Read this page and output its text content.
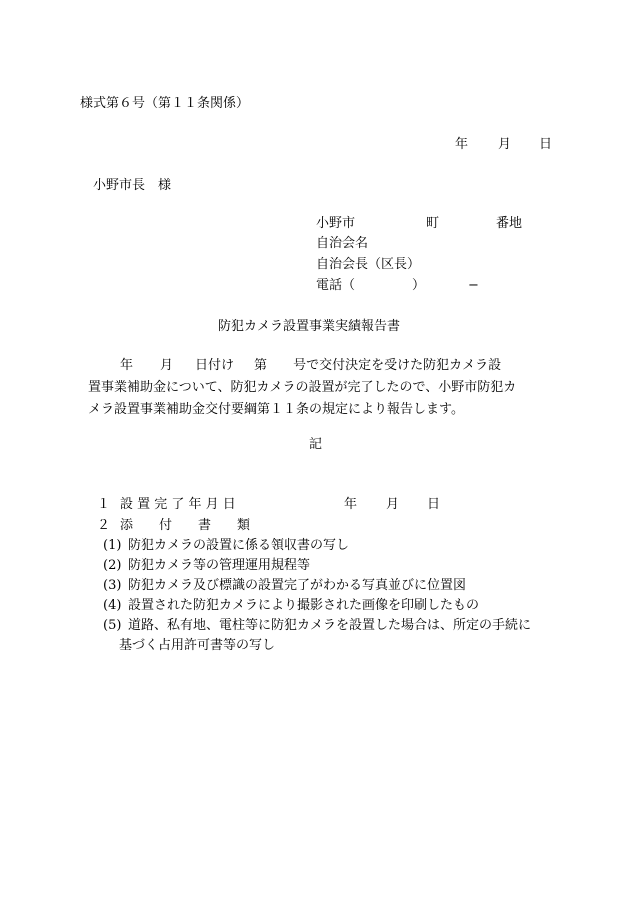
様式第６号（第１１条関係）
年 月 日
小野市長　様
小野市	町	番地
自治会名
自治会長（区長）
電話（	）	−
防犯カメラ設置事業実績報告書
年 月 日付け 第 号で交付決定を受けた防犯カメラ設
置事業補助金について、防犯カメラの設置が完了したので、小野市防犯カ
メラ設置事業補助金交付要綱第１１条の規定により報告します。
記
１ 設 置 完 了 年 月 日	年 月 日
２ 添　　付　　書　　類
(1) 防犯カメラの設置に係る領収書の写し
(2) 防犯カメラ等の管理運用規程等
(3) 防犯カメラ及び標識の設置完了がわかる写真並びに位置図
(4) 設置された防犯カメラにより撮影された画像を印刷したもの
(5) 道路、私有地、電柱等に防犯カメラを設置した場合は、所定の手続に
基づく占用許可書等の写し
